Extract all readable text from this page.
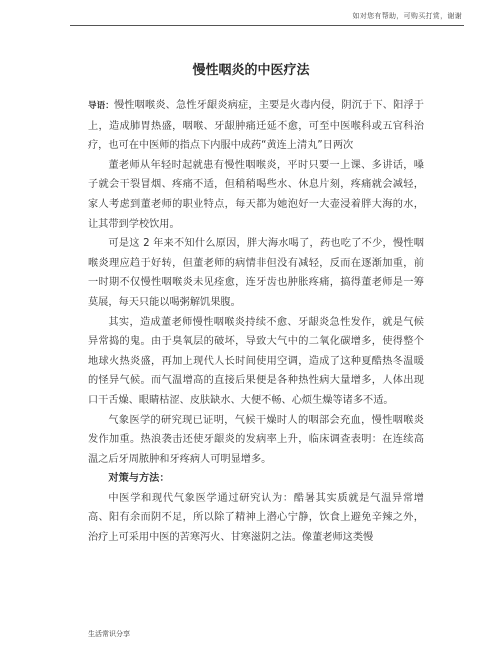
如对您有帮助，可购买打赏，谢谢
慢性咽炎的中医疗法

导语：慢性咽喉炎、急性牙龈炎病症，主要是火毒内侵，阴沉于下、阳浮于上，造成肺胃热盛，咽喉、牙龈肿痛迁延不愈，可至中医喉科或五官科治疗，也可在中医师的指点下内服中成药“黄连上清丸”日两次

董老师从年轻时起就患有慢性咽喉炎，平时只要一上课、多讲话，嗓子就会干裂冒烟、疼痛不适，但稍稍喝些水、休息片刻，疼痛就会减轻，家人考虑到董老师的职业特点，每天都为她泡好一大壶浸着胖大海的水，让其带到学校饮用。

可是这 2 年来不知什么原因，胖大海水喝了，药也吃了不少，慢性咽喉炎理应趋于好转，但董老师的病情非但没有减轻，反而在逐渐加重，前一时期不仅慢性咽喉炎未见痊愈，连牙齿也肿胀疼痛，搞得董老师是一筹莫展，每天只能以喝粥解饥果腹。

其实，造成董老师慢性咽喉炎持续不愈、牙龈炎急性发作，就是气候异常捣的鬼。由于臭氧层的破坏，导致大气中的二氧化碳增多，使得整个地球火热炎盛，再加上现代人长时间使用空调，造成了这种夏酷热冬温暖的怪异气候。而气温增高的直接后果便是各种热性病大量增多，人体出现口干舌燥、眼睛枯涩、皮肤缺水、大便不畅、心烦生燥等诸多不适。

气象医学的研究现已证明，气候干燥时人的咽部会充血，慢性咽喉炎发作加重。热浪袭击还使牙龈炎的发病率上升，临床调查表明：在连续高温之后牙周脓肿和牙疼病人可明显增多。

对策与方法：

中医学和现代气象医学通过研究认为：酷暑其实质就是气温异常增高、阳有余而阴不足，所以除了精神上潜心宁静，饮食上避免辛辣之外，治疗上可采用中医的苦寒泻火、甘寒滋阴之法。像董老师这类慢

生活常识分享
